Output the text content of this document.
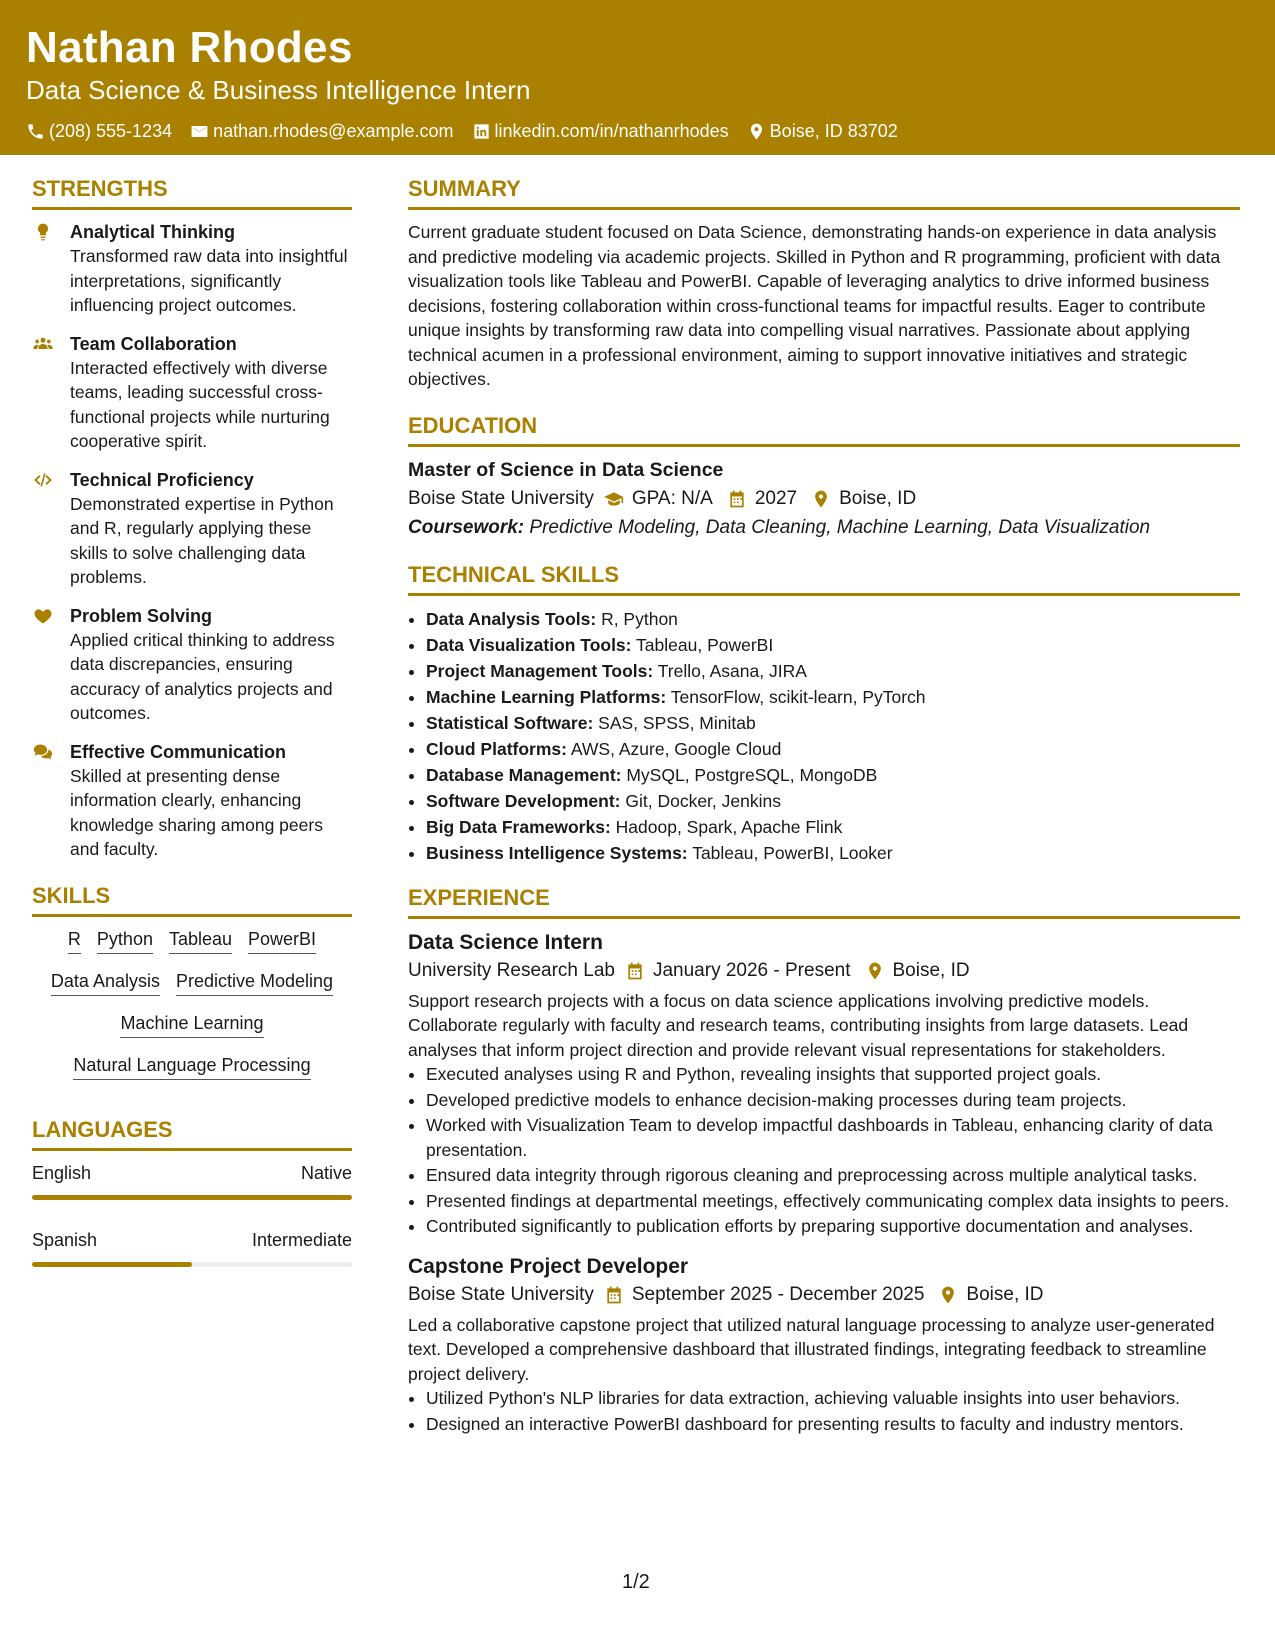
Nathan Rhodes
Data Science & Business Intelligence Intern
(208) 555-1234 nathan.rhodes@example.com linkedin.com/in/nathanrhodes Boise, ID 83702
STRENGTHS
Analytical Thinking
Transformed raw data into insightful interpretations, significantly influencing project outcomes.
Team Collaboration
Interacted effectively with diverse teams, leading successful cross-functional projects while nurturing cooperative spirit.
Technical Proficiency
Demonstrated expertise in Python and R, regularly applying these skills to solve challenging data problems.
Problem Solving
Applied critical thinking to address data discrepancies, ensuring accuracy of analytics projects and outcomes.
Effective Communication
Skilled at presenting dense information clearly, enhancing knowledge sharing among peers and faculty.
SKILLS
R Python Tableau PowerBI
Data Analysis Predictive Modeling
Machine Learning
Natural Language Processing
LANGUAGES
English	Native
Spanish	Intermediate
SUMMARY
Current graduate student focused on Data Science, demonstrating hands-on experience in data analysis and predictive modeling via academic projects. Skilled in Python and R programming, proficient with data visualization tools like Tableau and PowerBI. Capable of leveraging analytics to drive informed business decisions, fostering collaboration within cross-functional teams for impactful results. Eager to contribute unique insights by transforming raw data into compelling visual narratives. Passionate about applying technical acumen in a professional environment, aiming to support innovative initiatives and strategic objectives.
EDUCATION
Master of Science in Data Science
Boise State University GPA: N/A 2027 Boise, ID
Coursework: Predictive Modeling, Data Cleaning, Machine Learning, Data Visualization
TECHNICAL SKILLS
• Data Analysis Tools: R, Python
• Data Visualization Tools: Tableau, PowerBI
• Project Management Tools: Trello, Asana, JIRA
• Machine Learning Platforms: TensorFlow, scikit-learn, PyTorch
• Statistical Software: SAS, SPSS, Minitab
• Cloud Platforms: AWS, Azure, Google Cloud
• Database Management: MySQL, PostgreSQL, MongoDB
• Software Development: Git, Docker, Jenkins
• Big Data Frameworks: Hadoop, Spark, Apache Flink
• Business Intelligence Systems: Tableau, PowerBI, Looker
EXPERIENCE
Data Science Intern
University Research Lab January 2026 - Present Boise, ID
Support research projects with a focus on data science applications involving predictive models. Collaborate regularly with faculty and research teams, contributing insights from large datasets. Lead analyses that inform project direction and provide relevant visual representations for stakeholders.
• Executed analyses using R and Python, revealing insights that supported project goals.
• Developed predictive models to enhance decision-making processes during team projects.
• Worked with Visualization Team to develop impactful dashboards in Tableau, enhancing clarity of data presentation.
• Ensured data integrity through rigorous cleaning and preprocessing across multiple analytical tasks.
• Presented findings at departmental meetings, effectively communicating complex data insights to peers.
• Contributed significantly to publication efforts by preparing supportive documentation and analyses.
Capstone Project Developer
Boise State University September 2025 - December 2025 Boise, ID
Led a collaborative capstone project that utilized natural language processing to analyze user-generated text. Developed a comprehensive dashboard that illustrated findings, integrating feedback to streamline project delivery.
• Utilized Python's NLP libraries for data extraction, achieving valuable insights into user behaviors.
• Designed an interactive PowerBI dashboard for presenting results to faculty and industry mentors.
1/2
